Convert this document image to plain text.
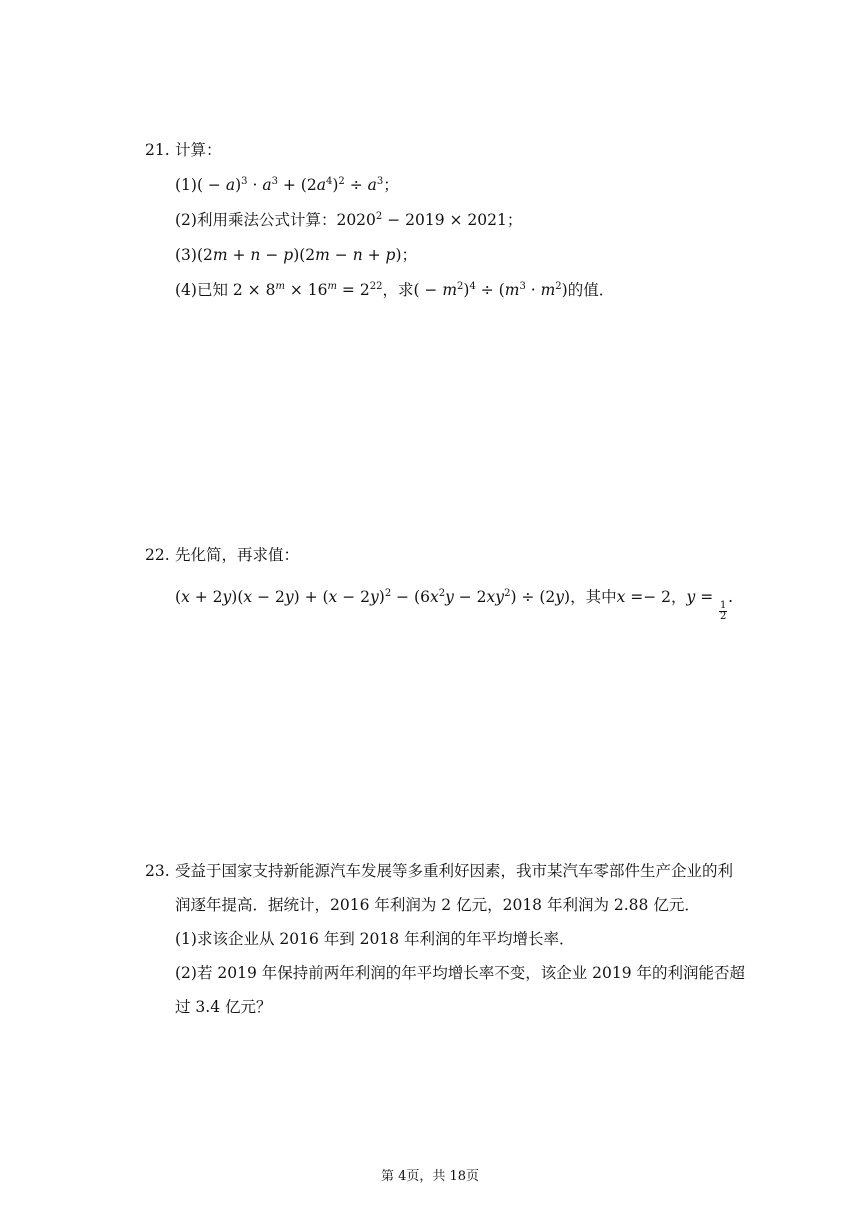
21. 计算：
$(1)( - a)^3 \cdot a^3 + (2a^4)^2 \div a^3$；
(2)利用乘法公式计算：$2020^2 - 2019 \times 2021$；
(3)(2m + n − p)(2m − n + p)；
(4)已知 $2 \times 8^m \times 16^m = 2^{22}$，求( − $m^2)^4 \div (m^3 \cdot m^2)$的值．
22. 先化简，再求值：
$(x + 2y)(x - 2y) + (x - 2y)^2 - (6x^2y - 2xy^2) \div (2y)$，其中x =− 2，y =
$\frac{1}{2}$
.
23. 受益于国家支持新能源汽车发展等多重利好因素，我市某汽车零部件生产企业的利
润逐年提高．据统计，2016 年利润为 2 亿元，2018 年利润为 2.88 亿元．
(1)求该企业从 2016 年到 2018 年利润的年平均增长率．
(2)若 2019 年保持前两年利润的年平均增长率不变，该企业 2019 年的利润能否超
过 3.4 亿元？
第 4页，共 18页
